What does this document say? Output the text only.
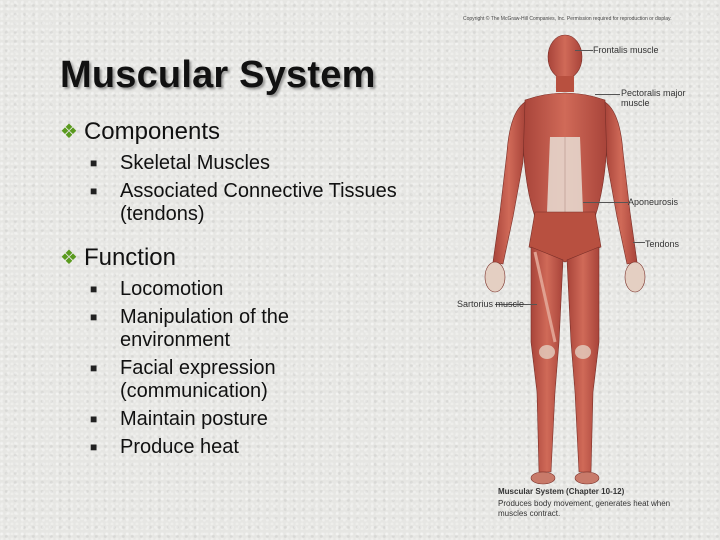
Muscular System
❖ Components
■ Skeletal Muscles
■ Associated Connective Tissues (tendons)
❖ Function
■ Locomotion
■ Manipulation of the environment
■ Facial expression (communication)
■ Maintain posture
■ Produce heat
Copyright © The McGraw-Hill Companies, Inc. Permission required for reproduction or display.
Frontalis muscle
Pectoralis major muscle
Aponeurosis
Tendons
Sartorius muscle
Muscular System (Chapter 10-12)
Produces body movement, generates heat when muscles contract.
